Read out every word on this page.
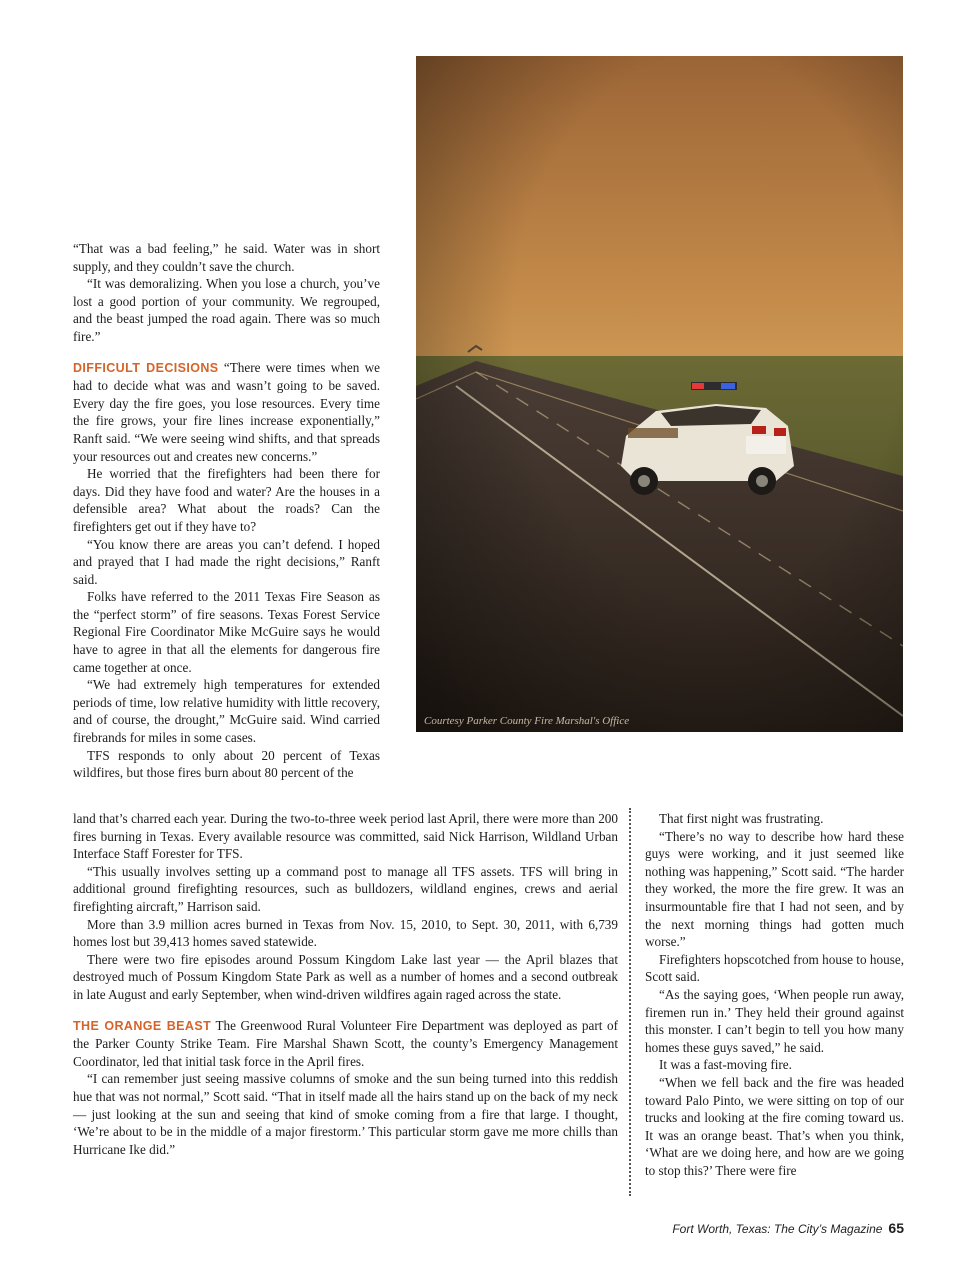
Courtesy Parker County Fire Marshal's Office

“That was a bad feeling,” he said. Water was in short supply, and they couldn’t save the church.

“It was demoralizing. When you lose a church, you’ve lost a good portion of your community. We regrouped, and the beast jumped the road again. There was so much fire.”

DIFFICULT DECISIONS “There were times when we had to decide what was and wasn’t going to be saved. Every day the fire goes, you lose resources. Every time the fire grows, your fire lines increase exponentially,” Ranft said. “We were seeing wind shifts, and that spreads your resources out and creates new concerns.”

He worried that the firefighters had been there for days. Did they have food and water? Are the houses in a defensible area? What about the roads? Can the firefighters get out if they have to?

“You know there are areas you can’t defend. I hoped and prayed that I had made the right decisions,” Ranft said.

Folks have referred to the 2011 Texas Fire Season as the “perfect storm” of fire seasons. Texas Forest Service Regional Fire Coordinator Mike McGuire says he would have to agree in that all the elements for dangerous fire came together at once.

“We had extremely high temperatures for extended periods of time, low relative humidity with little recovery, and of course, the drought,” McGuire said. Wind carried firebrands for miles in some cases.

TFS responds to only about 20 percent of Texas wildfires, but those fires burn about 80 percent of the

land that’s charred each year. During the two-to-three week period last April, there were more than 200 fires burning in Texas. Every available resource was committed, said Nick Harrison, Wildland Urban Interface Staff Forester for TFS.

“This usually involves setting up a command post to manage all TFS assets. TFS will bring in additional ground firefighting resources, such as bulldozers, wildland engines, crews and aerial firefighting aircraft,” Harrison said.

More than 3.9 million acres burned in Texas from Nov. 15, 2010, to Sept. 30, 2011, with 6,739 homes lost but 39,413 homes saved statewide.

There were two fire episodes around Possum Kingdom Lake last year — the April blazes that destroyed much of Possum Kingdom State Park as well as a number of homes and a second outbreak in late August and early September, when wind-driven wildfires again raged across the state.

THE ORANGE BEAST The Greenwood Rural Volunteer Fire Department was deployed as part of the Parker County Strike Team. Fire Marshal Shawn Scott, the county’s Emergency Management Coordinator, led that initial task force in the April fires.

“I can remember just seeing massive columns of smoke and the sun being turned into this reddish hue that was not normal,” Scott said. “That in itself made all the hairs stand up on the back of my neck — just looking at the sun and seeing that kind of smoke coming from a fire that large. I thought, ‘We’re about to be in the middle of a major firestorm.’ This particular storm gave me more chills than Hurricane Ike did.”

That first night was frustrating.

“There’s no way to describe how hard these guys were working, and it just seemed like nothing was happening,” Scott said. “The harder they worked, the more the fire grew. It was an insurmountable fire that I had not seen, and by the next morning things had gotten much worse.”

Firefighters hopscotched from house to house, Scott said.

“As the saying goes, ‘When people run away, firemen run in.’ They held their ground against this monster. I can’t begin to tell you how many homes these guys saved,” he said.

It was a fast-moving fire.

“When we fell back and the fire was headed toward Palo Pinto, we were sitting on top of our trucks and looking at the fire coming toward us. It was an orange beast. That’s when you think, ‘What are we doing here, and how are we going to stop this?’ There were fire

Fort Worth, Texas: The City’s Magazine 65
